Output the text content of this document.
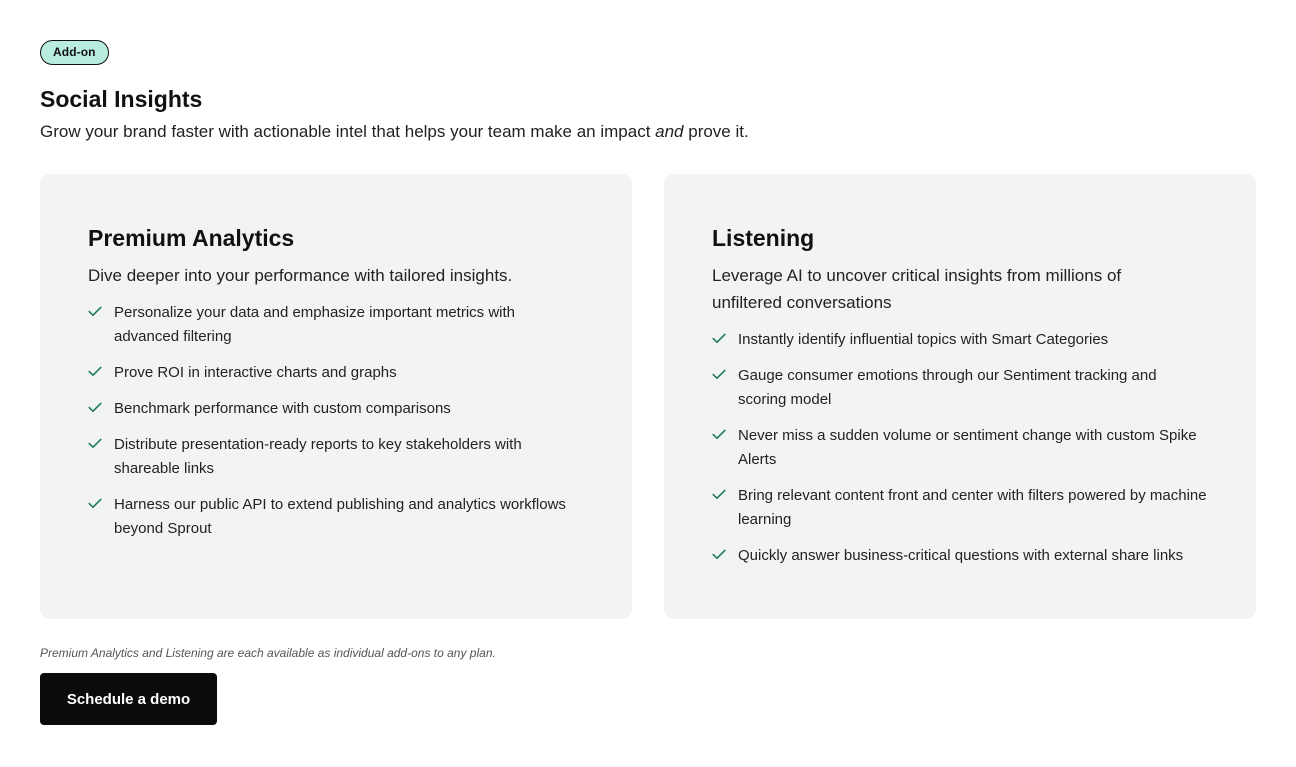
Add-on
Social Insights

Grow your brand faster with actionable intel that helps your team make an impact and prove it.

Premium Analytics

Dive deeper into your performance with tailored insights.

Personalize your data and emphasize important metrics with advanced filtering
Prove ROI in interactive charts and graphs
Benchmark performance with custom comparisons
Distribute presentation-ready reports to key stakeholders with shareable links
Harness our public API to extend publishing and analytics workflows beyond Sprout
Listening

Leverage AI to uncover critical insights from millions of unfiltered conversations

Instantly identify influential topics with Smart Categories
Gauge consumer emotions through our Sentiment tracking and scoring model
Never miss a sudden volume or sentiment change with custom Spike Alerts
Bring relevant content front and center with filters powered by machine learning
Quickly answer business-critical questions with external share links

Premium Analytics and Listening are each available as individual add-ons to any plan.

Schedule a demo
